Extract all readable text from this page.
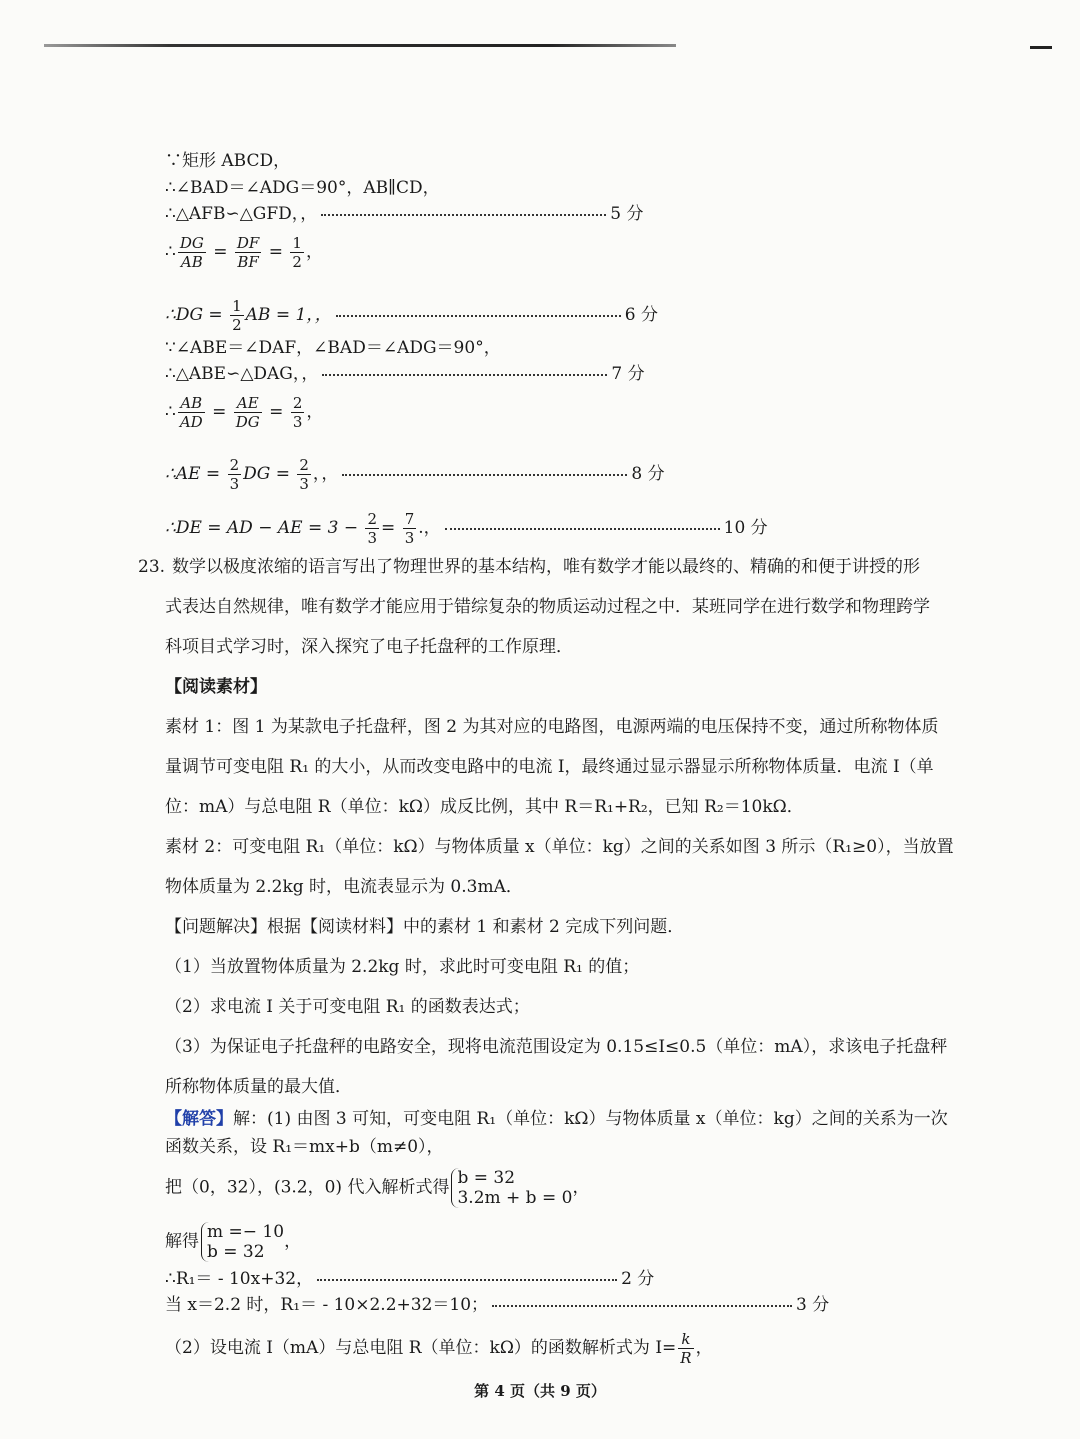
∵矩形 ABCD，
∴∠BAD＝∠ADG＝90°，AB∥CD，
∴△AFB∽△GFD，，	5 分
∴ $\frac{DG}{AB} = \frac{DF}{BF} = \frac{1}{2}$ ，
∴DG = $\frac{1}{2}$ AB = 1，，	6 分
∵∠ABE＝∠DAF，∠BAD＝∠ADG＝90°，
∴△ABE∽△DAG，，	7 分
∴ $\frac{AB}{AD} = \frac{AE}{DG} = \frac{2}{3}$ ，
∴AE = $\frac{2}{3}$ DG = $\frac{2}{3}$ ，，	8 分
∴DE = AD − AE = $3 - \frac{2}{3} = \frac{7}{3}$ .，	10 分
23. 数学以极度浓缩的语言写出了物理世界的基本结构，唯有数学才能以最终的、精确的和便于讲授的形
式表达自然规律，唯有数学才能应用于错综复杂的物质运动过程之中．某班同学在进行数学和物理跨学
科项目式学习时，深入探究了电子托盘秤的工作原理．
【阅读素材】
素材 1：图 1 为某款电子托盘秤，图 2 为其对应的电路图，电源两端的电压保持不变，通过所称物体质
量调节可变电阻 R₁ 的大小，从而改变电路中的电流 I，最终通过显示器显示所称物体质量．电流 I（单
位：mA）与总电阻 R（单位：kΩ）成反比例，其中 R＝R₁+R₂，已知 R₂＝10kΩ．
素材 2：可变电阻 R₁（单位：kΩ）与物体质量 x（单位：kg）之间的关系如图 3 所示（R₁≥0），当放置
物体质量为 2.2kg 时，电流表显示为 0.3mA．
【问题解决】根据【阅读材料】中的素材 1 和素材 2 完成下列问题．
（1）当放置物体质量为 2.2kg 时，求此时可变电阻 R₁ 的值；
（2）求电流 I 关于可变电阻 R₁ 的函数表达式；
（3）为保证电子托盘秤的电路安全，现将电流范围设定为 0.15≤I≤0.5（单位：mA），求该电子托盘秤
所称物体质量的最大值．
【解答】解：(1) 由图 3 可知，可变电阻 R₁（单位：kΩ）与物体质量 x（单位：kg）之间的关系为一次
函数关系，设 R₁＝mx+b（m≠0），
把（0，32），(3.2，0) 代入解析式得 b = 32
3.2m + b = 0
，
解得 m =− 10
b = 32
，
∴R₁＝ - 10x+32，	2 分
当 x＝2.2 时，R₁＝ - 10×2.2+32＝10；	3 分
（2）设电流 I（mA）与总电阻 R（单位：kΩ）的函数解析式为 $I= \frac{k}{R}$ ，
第 4 页（共 9 页）
